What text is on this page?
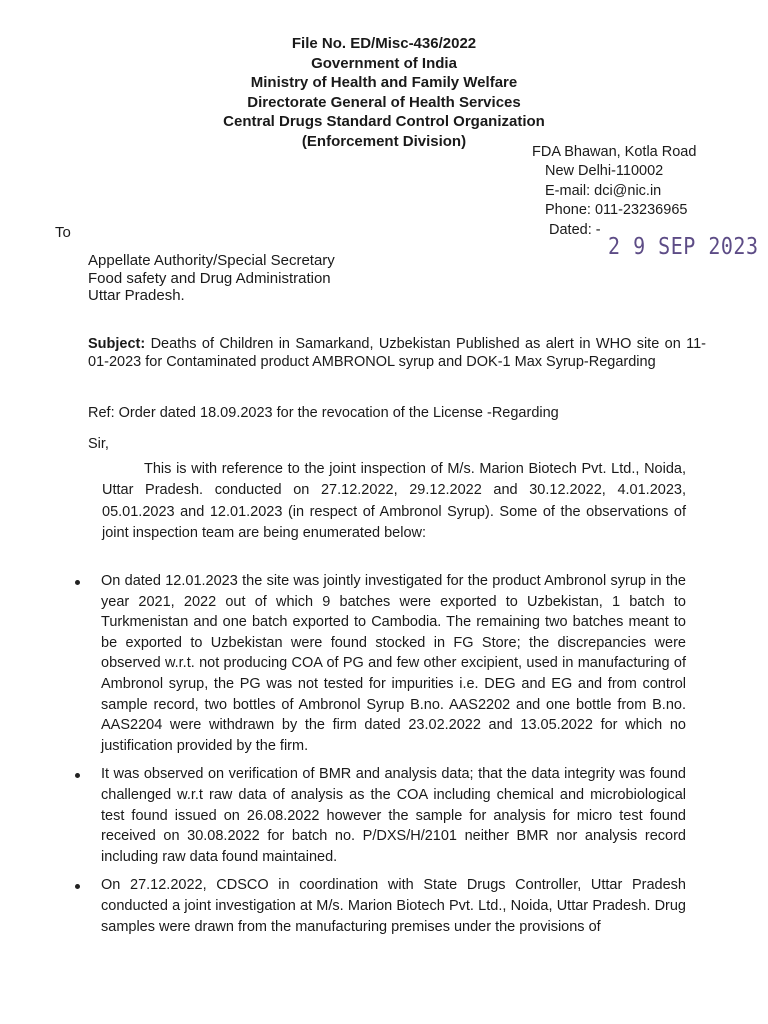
File No. ED/Misc-436/2022
Government of India
Ministry of Health and Family Welfare
Directorate General of Health Services
Central Drugs Standard Control Organization
(Enforcement Division)
FDA Bhawan, Kotla Road
New Delhi-110002
E-mail: dci@nic.in
Phone: 011-23236965
Dated: -
2 9 SEP 2023
To
Appellate Authority/Special Secretary
Food safety and Drug Administration
Uttar Pradesh.
Subject: Deaths of Children in Samarkand, Uzbekistan Published as alert in WHO site on 11-01-2023 for Contaminated product AMBRONOL syrup and DOK-1 Max Syrup-Regarding
Ref: Order dated 18.09.2023 for the revocation of the License -Regarding
Sir,
This is with reference to the joint inspection of M/s. Marion Biotech Pvt. Ltd., Noida, Uttar Pradesh. conducted on 27.12.2022, 29.12.2022 and 30.12.2022, 4.01.2023, 05.01.2023 and 12.01.2023 (in respect of Ambronol Syrup). Some of the observations of joint inspection team are being enumerated below:
On dated 12.01.2023 the site was jointly investigated for the product Ambronol syrup in the year 2021, 2022 out of which 9 batches were exported to Uzbekistan, 1 batch to Turkmenistan and one batch exported to Cambodia. The remaining two batches meant to be exported to Uzbekistan were found stocked in FG Store; the discrepancies were observed w.r.t. not producing COA of PG and few other excipient, used in manufacturing of Ambronol syrup, the PG was not tested for impurities i.e. DEG and EG and from control sample record, two bottles of Ambronol Syrup B.no. AAS2202 and one bottle from B.no. AAS2204 were withdrawn by the firm dated 23.02.2022 and 13.05.2022 for which no justification provided by the firm.
It was observed on verification of BMR and analysis data; that the data integrity was found challenged w.r.t raw data of analysis as the COA including chemical and microbiological test found issued on 26.08.2022 however the sample for analysis for micro test found received on 30.08.2022 for batch no. P/DXS/H/2101 neither BMR nor analysis record including raw data found maintained.
On 27.12.2022, CDSCO in coordination with State Drugs Controller, Uttar Pradesh conducted a joint investigation at M/s. Marion Biotech Pvt. Ltd., Noida, Uttar Pradesh. Drug samples were drawn from the manufacturing premises under the provisions of
